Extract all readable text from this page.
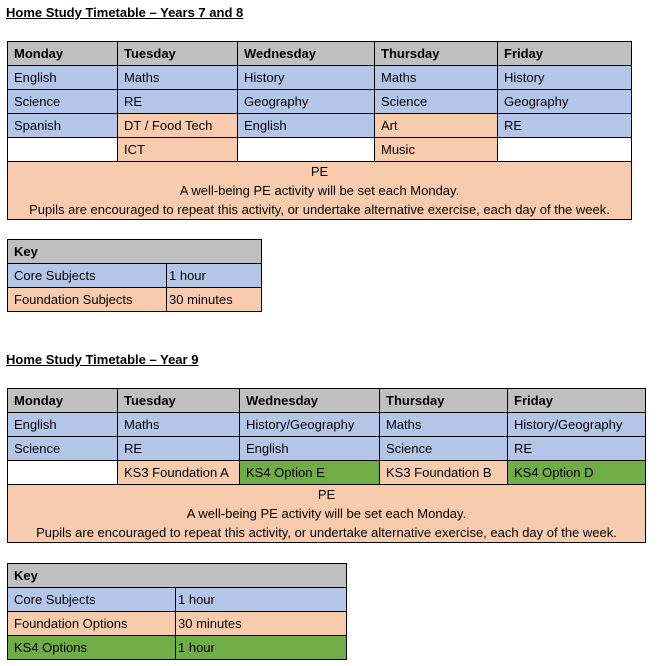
Home Study Timetable – Years 7 and 8
Monday	Tuesday	Wednesday	Thursday	Friday
English	Maths	History	Maths	History
Science	RE	Geography	Science	Geography
Spanish	DT / Food Tech	English	Art	RE
	ICT		Music	

PE
A well-being PE activity will be set each Monday.
Pupils are encouraged to repeat this activity, or undertake alternative exercise, each day of the week.				
Key	
Core Subjects	1 hour
Foundation Subjects	30 minutes
Home Study Timetable – Year 9
Monday	Tuesday	Wednesday	Thursday	Friday
English	Maths	History/Geography	Maths	History/Geography
Science	RE	English	Science	RE
	KS3 Foundation A	KS4 Option E	KS3 Foundation B	KS4 Option D

PE
A well-being PE activity will be set each Monday.
Pupils are encouraged to repeat this activity, or undertake alternative exercise, each day of the week.				
Key	
Core Subjects	1 hour
Foundation Options	30 minutes
KS4 Options	1 hour
